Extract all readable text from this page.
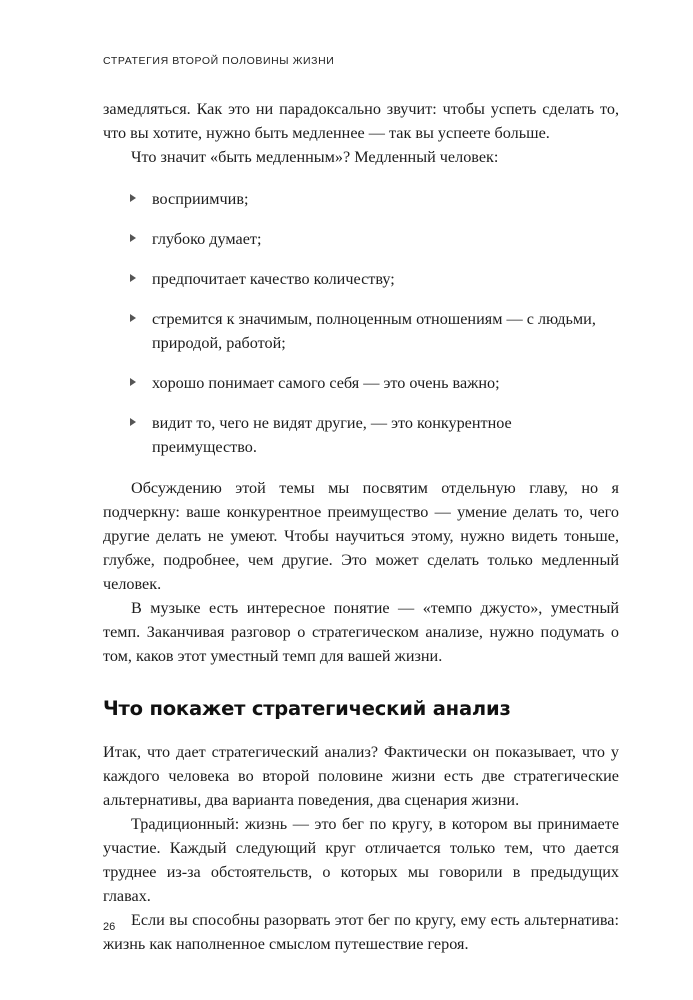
СТРАТЕГИЯ ВТОРОЙ ПОЛОВИНЫ ЖИЗНИ

замедляться. Как это ни парадоксально звучит: чтобы успеть сделать то, что вы хотите, нужно быть медленнее — так вы успеете больше.

Что значит «быть медленным»? Медленный человек:

восприимчив;
глубоко думает;
предпочитает качество количеству;
стремится к значимым, полноценным отношениям — с людьми, природой, работой;
хорошо понимает самого себя — это очень важно;
видит то, чего не видят другие, — это конкурентное преимущество.

Обсуждению этой темы мы посвятим отдельную главу, но я подчеркну: ваше конкурентное преимущество — умение делать то, чего другие делать не умеют. Чтобы научиться этому, нужно видеть тоньше, глубже, подробнее, чем другие. Это может сделать только медленный человек.

В музыке есть интересное понятие — «темпо джусто», уместный темп. Заканчивая разговор о стратегическом анализе, нужно подумать о том, каков этот уместный темп для вашей жизни.

Что покажет стратегический анализ

Итак, что дает стратегический анализ? Фактически он показывает, что у каждого человека во второй половине жизни есть две стратегические альтернативы, два варианта поведения, два сценария жизни.

Традиционный: жизнь — это бег по кругу, в котором вы принимаете участие. Каждый следующий круг отличается только тем, что дается труднее из-за обстоятельств, о которых мы говорили в предыдущих главах.

Если вы способны разорвать этот бег по кругу, ему есть альтернатива: жизнь как наполненное смыслом путешествие героя.

26
